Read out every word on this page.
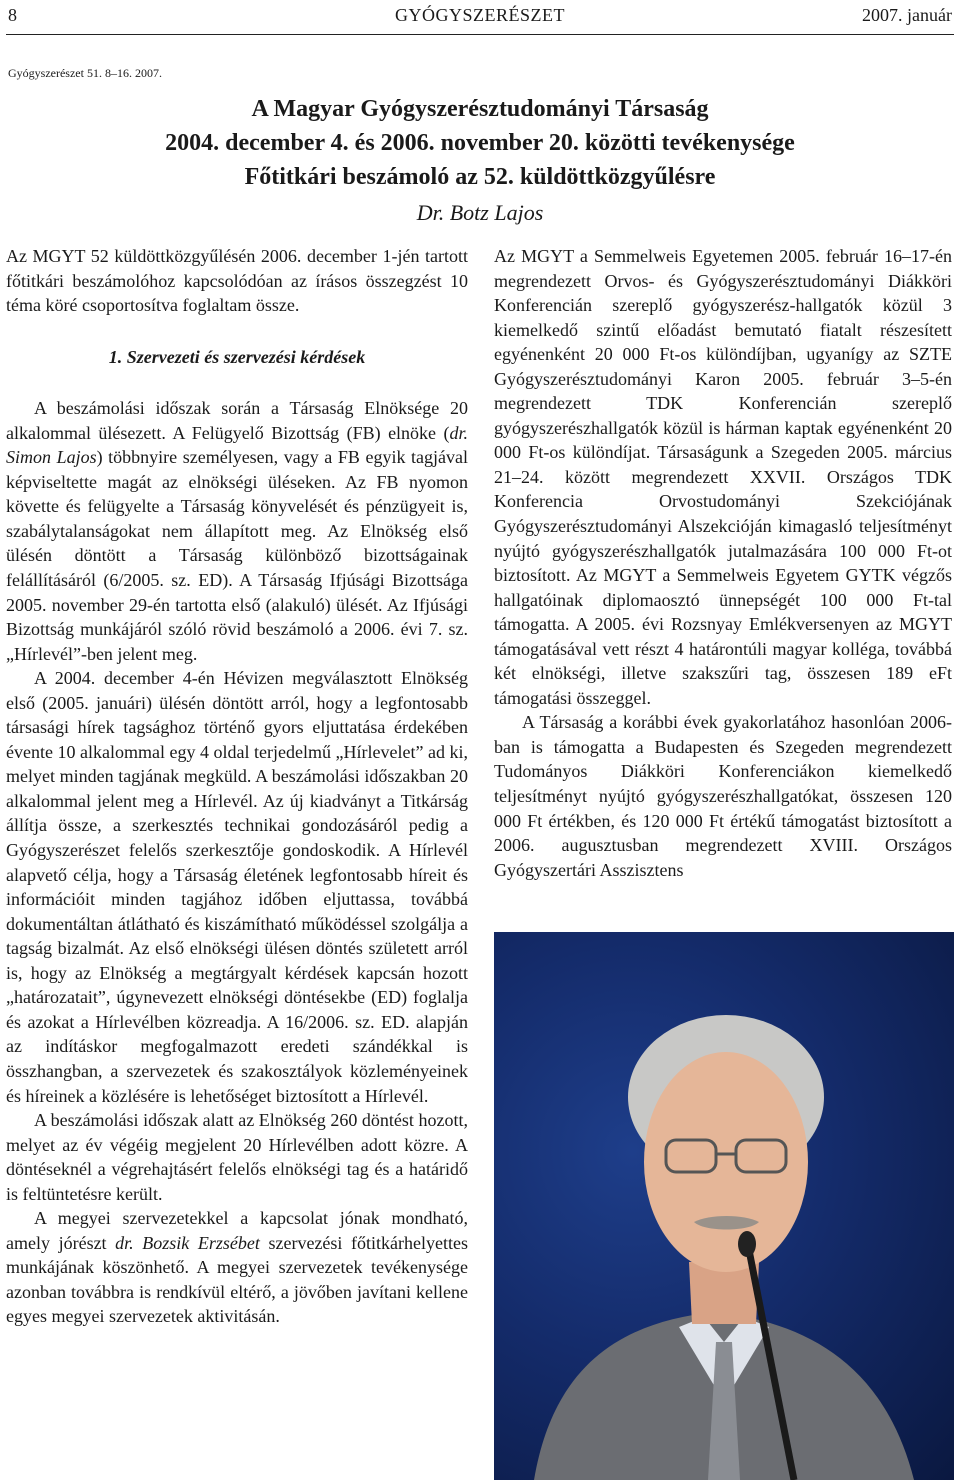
8	GYÓGYSZERÉSZET	2007. január
Gyógyszerészet 51. 8–16. 2007.
A Magyar Gyógyszerésztudományi Társaság
2004. december 4. és 2006. november 20. közötti tevékenysége
Főtitkári beszámoló az 52. küldöttközgyűlésre
Dr. Botz Lajos

Az MGYT 52 küldöttközgyűlésén 2006. december 1-jén tartott főtitkári beszámolóhoz kapcsolódóan az írásos összegzést 10 téma köré csoportosítva foglaltam össze.

1. Szervezeti és szervezési kérdések

A beszámolási időszak során a Társaság Elnöksége 20 alkalommal ülésezett. A Felügyelő Bizottság (FB) elnöke (dr. Simon Lajos) többnyire személyesen, vagy a FB egyik tagjával képviseltette magát az elnökségi üléseken. Az FB nyomon követte és felügyelte a Társaság könyvelését és pénzügyeit is, szabálytalanságokat nem állapított meg. Az Elnökség első ülésén döntött a Társaság különböző bizottságainak felállításáról (6/2005. sz. ED). A Társaság Ifjúsági Bizottsága 2005. november 29-én tartotta első (alakuló) ülését. Az Ifjúsági Bizottság munkájáról szóló rövid beszámoló a 2006. évi 7. sz. „Hírlevél”-ben jelent meg.

A 2004. december 4-én Hévizen megválasztott Elnökség első (2005. januári) ülésén döntött arról, hogy a legfontosabb társasági hírek tagsághoz történő gyors eljuttatása érdekében évente 10 alkalommal egy 4 oldal terjedelmű „Hírlevelet” ad ki, melyet minden tagjának megküld. A beszámolási időszakban 20 alkalommal jelent meg a Hírlevél. Az új kiadványt a Titkárság állítja össze, a szerkesztés technikai gondozásáról pedig a Gyógyszerészet felelős szerkesztője gondoskodik. A Hírlevél alapvető célja, hogy a Társaság életének legfontosabb híreit és információit minden tagjához időben eljuttassa, továbbá dokumentáltan átlátható és kiszámítható működéssel szolgálja a tagság bizalmát. Az első elnökségi ülésen döntés született arról is, hogy az Elnökség a megtárgyalt kérdések kapcsán hozott „határozatait”, úgynevezett elnökségi döntésekbe (ED) foglalja és azokat a Hírlevélben közreadja. A 16/2006. sz. ED. alapján az indításkor megfogalmazott eredeti szándékkal is összhangban, a szervezetek és szakosztályok közleményeinek és híreinek a közlésére is lehetőséget biztosított a Hírlevél.

A beszámolási időszak alatt az Elnökség 260 döntést hozott, melyet az év végéig megjelent 20 Hírlevélben adott közre. A döntéseknél a végrehajtásért felelős elnökségi tag és a határidő is feltüntetésre került.

A megyei szervezetekkel a kapcsolat jónak mondható, amely jórészt dr. Bozsik Erzsébet szervezési főtitkárhelyettes munkájának köszönhető. A megyei szervezetek tevékenysége azonban továbbra is rendkívül eltérő, a jövőben javítani kellene egyes megyei szervezetek aktivitásán.

Az MGYT a Semmelweis Egyetemen 2005. február 16–17-én megrendezett Orvos- és Gyógyszerésztudományi Diákköri Konferencián szereplő gyógyszerész-hallgatók közül 3 kiemelkedő szintű előadást bemutató fiatalt részesített egyénenként 20 000 Ft-os különdíjban, ugyanígy az SZTE Gyógyszerésztudományi Karon 2005. február 3–5-én megrendezett TDK Konferencián szereplő gyógyszerészhallgatók közül is hárman kaptak egyénenként 20 000 Ft-os különdíjat. Társaságunk a Szegeden 2005. március 21–24. között megrendezett XXVII. Országos TDK Konferencia Orvostudományi Szekciójának Gyógyszerésztudományi Alszekcióján kimagasló teljesítményt nyújtó gyógyszerészhallgatók jutalmazására 100 000 Ft-ot biztosított. Az MGYT a Semmelweis Egyetem GYTK végzős hallgatóinak diplomaosztó ünnepségét 100 000 Ft-tal támogatta. A 2005. évi Rozsnyay Emlékversenyen az MGYT támogatásával vett részt 4 határontúli magyar kolléga, továbbá két elnökségi, illetve szakszűri tag, összesen 189 eFt támogatási összeggel.

A Társaság a korábbi évek gyakorlatához hasonlóan 2006-ban is támogatta a Budapesten és Szegeden megrendezett Tudományos Diákköri Konferenciákon kiemelkedő teljesítményt nyújtó gyógyszerészhallgatókat, összesen 120 000 Ft értékben, és 120 000 Ft értékű támogatást biztosított a 2006. augusztusban megrendezett XVIII. Országos Gyógyszertári Asszisztens
